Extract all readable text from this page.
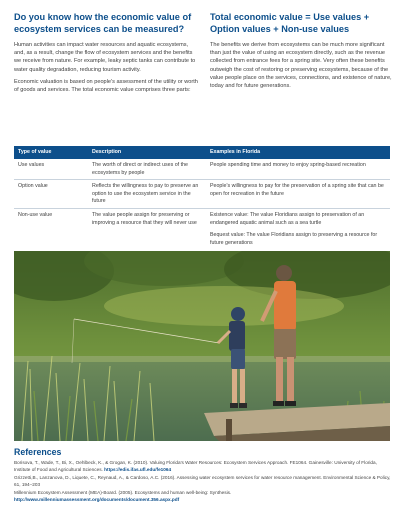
Do you know how the economic value of ecosystem services can be measured?

Human activities can impact water resources and aquatic ecosystems, and, as a result, change the flow of ecosystem services and the benefits we receive from nature. For example, leaky septic tanks can contribute to water quality degradation, reducing tourism activity.

Economic valuation is based on people's assessment of the utility or worth of goods and services. The total economic value comprises three parts:

Total economic value = Use values + Option values + Non-use values

The benefits we derive from ecosystems can be much more significant than just the value of using an ecosystem directly, such as the revenue collected from entrance fees for a spring site. Very often these benefits outweigh the cost of restoring or preserving ecosystems, because of the value people place on the services, connections, and existence of nature, today and for future generations.

Type of value	Description	Examples in Florida
Use values	The worth of direct or indirect uses of the ecosystems by people	People spending time and money to enjoy spring-based recreation

Option value	Reflects the willingness to pay to preserve an option to use the ecosystem service in the future	People's willingness to pay for the preservation of a spring site that can be open for recreation in the future

Non-use value	The value people assign for preserving or improving a resource that they will never use	Existence value: The value Floridians assign to preservation of an endangered aquatic animal such as a sea turtle

Bequest value: The value Floridians assign to preserving a resource for future generations

References

Borisova, T., Wade, T., Bi, X., Oehlbeck, K., & Grogan, K. (2010). Valuing Florida's Water Resources: Ecosystem Services Approach. FE1064. Gainesville: University of Florida, Institute of Food and Agricultural Sciences. https://edis.ifas.ufl.edu/fe1064

Grizzetti,B., Lanzanova, D., Liquete, C., Reynaud, A., & Cardoso, A.C. (2016). Assessing water ecosystem services for water resource management. Environmental Science & Policy, 61, 194–203

Millennium Ecosystem Assessment (MEA)-Board. (2005). Ecosystems and human well-being: Synthesis. http://www.millenniumassessment.org/documents/document.356.aspx.pdf
